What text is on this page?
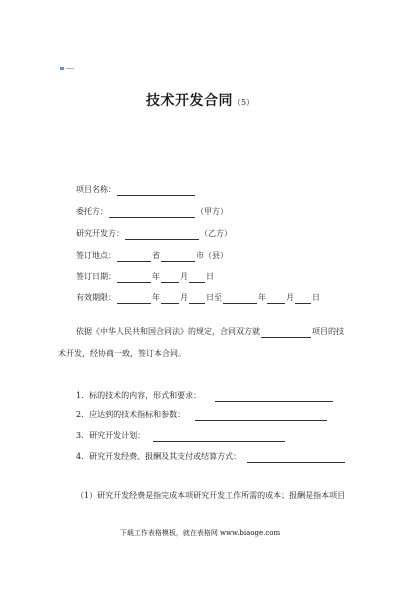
技术开发合同（5）
项目名称：
委托方：	（甲方）
研究开发方：	（乙方）
签订地点：	省	市（县）
签订日期：	年	月 日
有效期限：	年	月 日至	年	月 日
依据《中华人民共和国合同法》的规定，合同双方就	项目的技
术开发，经协商一致，签订本合同。
1．标的技术的内容，形式和要求：
2．应达到的技术指标和参数：
3．研究开发计划：
4．研究开发经费、报酬及其支付或结算方式：
（1）研究开发经费是指完成本项研究开发工作所需的成本；报酬是指本项目
下载工作表格模板，就在表格网 www.biaoge.com
